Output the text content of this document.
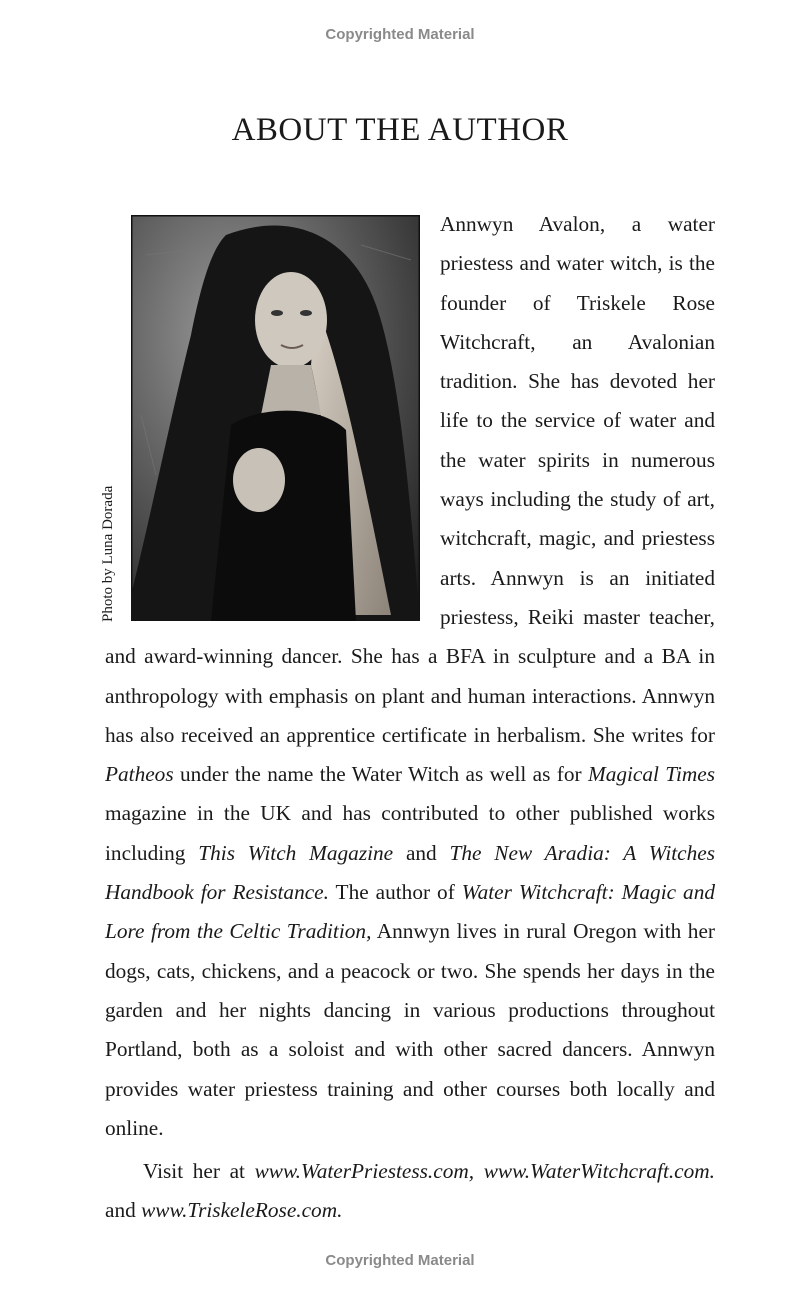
Copyrighted Material
ABOUT THE AUTHOR
Photo by Luna Dorada

Annwyn Avalon, a water priestess and water witch, is the founder of Triskele Rose Witchcraft, an Avalonian tradition. She has devoted her life to the service of water and the water spirits in numerous ways including the study of art, witchcraft, magic, and priestess arts. Annwyn is an initiated priestess, Reiki master teacher, and award-winning dancer. She has a BFA in sculpture and a BA in anthropology with emphasis on plant and human interactions. Annwyn has also received an apprentice certificate in herbalism. She writes for Patheos under the name the Water Witch as well as for Magical Times magazine in the UK and has contributed to other published works including This Witch Magazine and The New Aradia: A Witches Handbook for Resistance. The author of Water Witchcraft: Magic and Lore from the Celtic Tradition, Annwyn lives in rural Oregon with her dogs, cats, chickens, and a peacock or two. She spends her days in the garden and her nights dancing in various productions throughout Portland, both as a soloist and with other sacred dancers. Annwyn provides water priestess training and other courses both locally and online.

Visit her at www.WaterPriestess.com, www.WaterWitchcraft.com. and www.TriskeleRose.com.

Copyrighted Material
